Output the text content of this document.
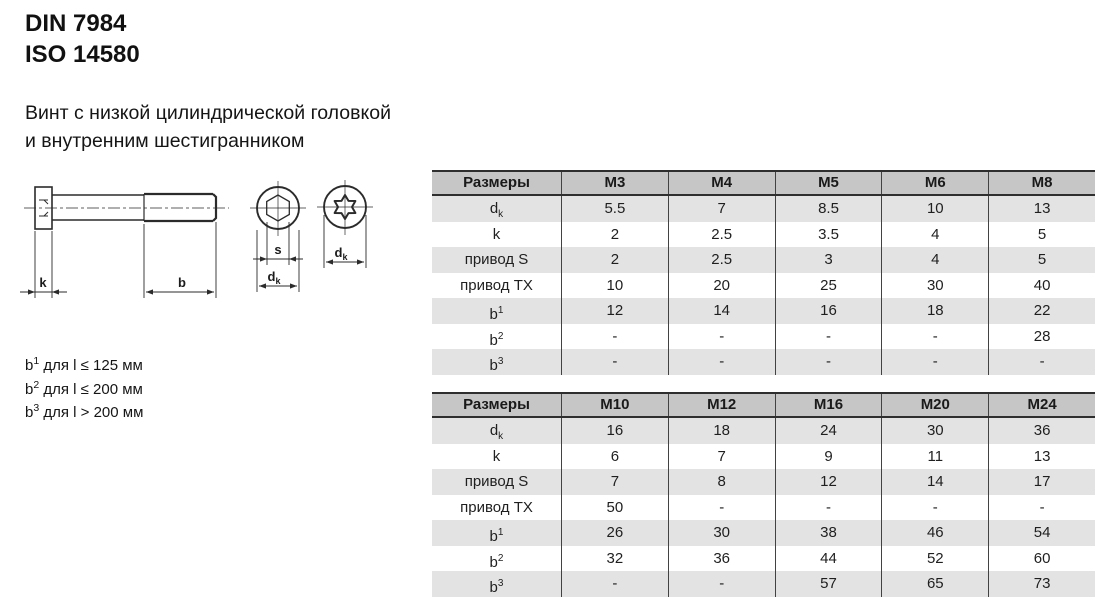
DIN 7984
ISO 14580
Винт с низкой цилиндрической головкой
и внутренним шестигранником
k	b
s
$d_k$
$d_k$
$b^1$ для l ≤ 125 мм
$b^2$ для l ≤ 200 мм
$b^3$ для l > 200 мм
Размеры	M3	M4	M5	M6	M8
$d_k$	5.5	7	8.5	10	13
k	2	2.5	3.5	4	5
привод S	2	2.5	3	4	5
привод TX	10	20	25	30	40
$b^1$	12	14	16	18	22
$b^2$	-	-	-	-	28
$b^3$	-	-	-	-	-
Размеры	M10	M12	M16	M20	M24
$d_k$	16	18	24	30	36
k	6	7	9	11	13
привод S	7	8	12	14	17
привод TX	50	-	-	-	-
$b^1$	26	30	38	46	54
$b^2$	32	36	44	52	60
$b^3$	-	-	57	65	73
